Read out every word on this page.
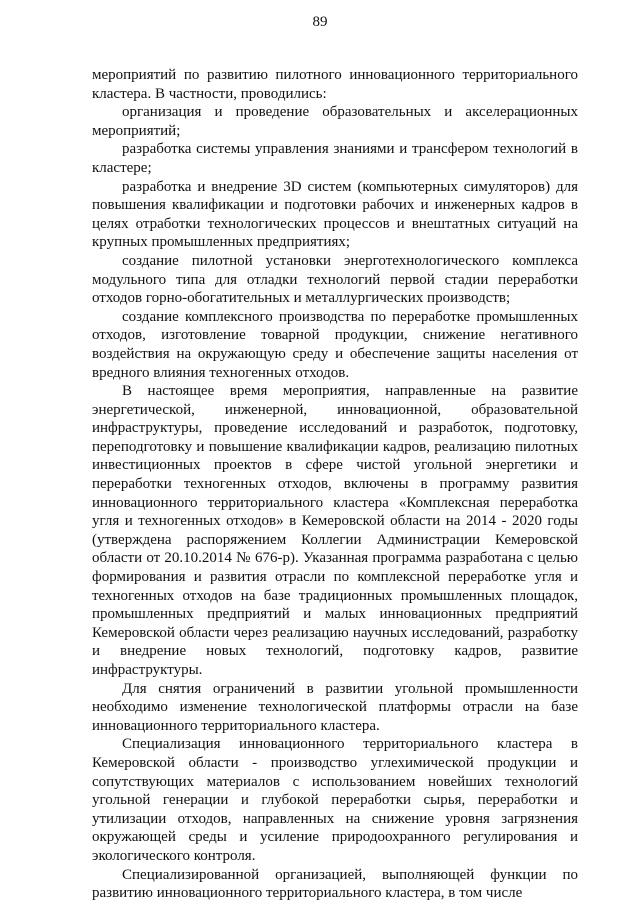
89

мероприятий по развитию пилотного инновационного территориального кластера. В частности, проводились:

организация и проведение образовательных и акселерационных мероприятий;

разработка системы управления знаниями и трансфером технологий в кластере;

разработка и внедрение 3D систем (компьютерных симуляторов) для повышения квалификации и подготовки рабочих и инженерных кадров в целях отработки технологических процессов и внештатных ситуаций на крупных промышленных предприятиях;

создание пилотной установки энерготехнологического комплекса модульного типа для отладки технологий первой стадии переработки отходов горно-обогатительных и металлургических производств;

создание комплексного производства по переработке промышленных отходов, изготовление товарной продукции, снижение негативного воздействия на окружающую среду и обеспечение защиты населения от вредного влияния техногенных отходов.

В настоящее время мероприятия, направленные на развитие энергетической, инженерной, инновационной, образовательной инфраструктуры, проведение исследований и разработок, подготовку, переподготовку и повышение квалификации кадров, реализацию пилотных инвестиционных проектов в сфере чистой угольной энергетики и переработки техногенных отходов, включены в программу развития инновационного территориального кластера «Комплексная переработка угля и техногенных отходов» в Кемеровской области на 2014 - 2020 годы (утверждена распоряжением Коллегии Администрации Кемеровской области от 20.10.2014 № 676-р). Указанная программа разработана с целью формирования и развития отрасли по комплексной переработке угля и техногенных отходов на базе традиционных промышленных площадок, промышленных предприятий и малых инновационных предприятий Кемеровской области через реализацию научных исследований, разработку и внедрение новых технологий, подготовку кадров, развитие инфраструктуры.

Для снятия ограничений в развитии угольной промышленности необходимо изменение технологической платформы отрасли на базе инновационного территориального кластера.

Специализация инновационного территориального кластера в Кемеровской области - производство углехимической продукции и сопутствующих материалов с использованием новейших технологий угольной генерации и глубокой переработки сырья, переработки и утилизации отходов, направленных на снижение уровня загрязнения окружающей среды и усиление природоохранного регулирования и экологического контроля.

Специализированной организацией, выполняющей функции по развитию инновационного территориального кластера, в том числе
